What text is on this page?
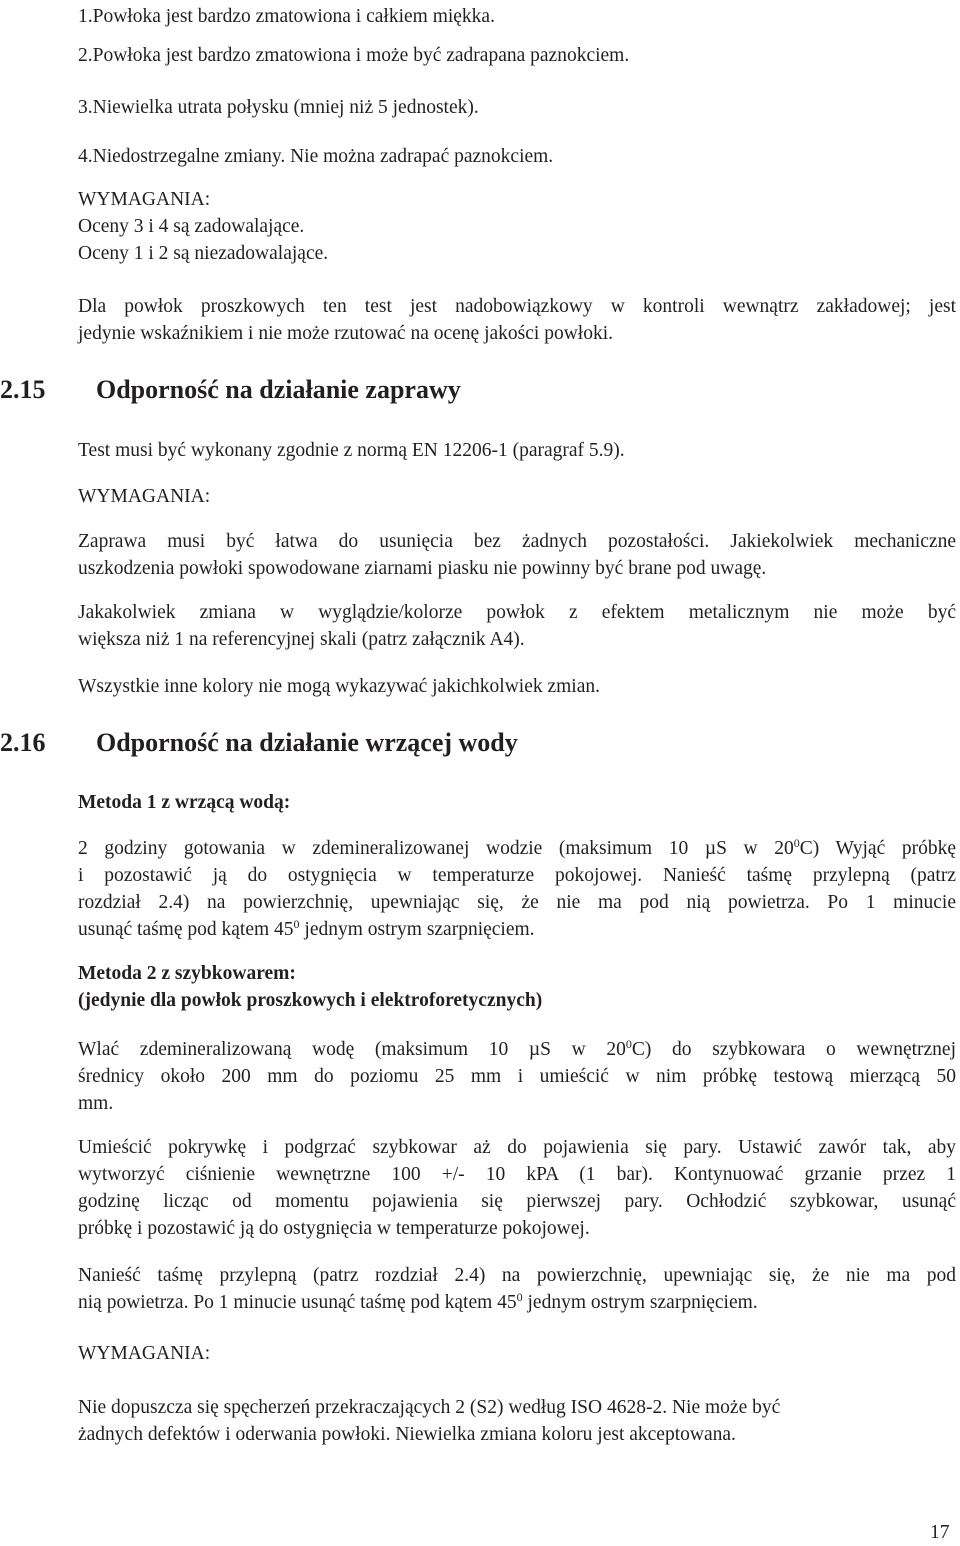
1.Powłoka jest bardzo zmatowiona i całkiem miękka.

2.Powłoka jest bardzo zmatowiona i może być zadrapana paznokciem.

3.Niewielka utrata połysku (mniej niż 5 jednostek).

4.Niedostrzegalne zmiany. Nie można zadrapać paznokciem.

WYMAGANIA:

Oceny 3 i 4 są zadowalające.

Oceny 1 i 2 są niezadowalające.

Dla powłok proszkowych ten test jest nadobowiązkowy w kontroli wewnątrz zakładowej; jest

jedynie wskaźnikiem i nie może rzutować na ocenę jakości powłoki.

2.15 Odporność na działanie zaprawy

Test musi być wykonany zgodnie z normą EN 12206-1 (paragraf 5.9).

WYMAGANIA:

Zaprawa musi być łatwa do usunięcia bez żadnych pozostałości. Jakiekolwiek mechaniczne

uszkodzenia powłoki spowodowane ziarnami piasku nie powinny być brane pod uwagę.

Jakakolwiek zmiana w wyglądzie/kolorze powłok z efektem metalicznym nie może być

większa niż 1 na referencyjnej skali (patrz załącznik A4).

Wszystkie inne kolory nie mogą wykazywać jakichkolwiek zmian.

2.16 Odporność na działanie wrzącej wody

Metoda 1 z wrzącą wodą:

2 godziny gotowania w zdemineralizowanej wodzie (maksimum 10 µS w $20^0C$) Wyjąć próbkę

i pozostawić ją do ostygnięcia w temperaturze pokojowej. Nanieść taśmę przylepną (patrz

rozdział 2.4) na powierzchnię, upewniając się, że nie ma pod nią powietrza. Po 1 minucie

usunąć taśmę pod kątem $45^0$ jednym ostrym szarpnięciem.

Metoda 2 z szybkowarem:

(jedynie dla powłok proszkowych i elektroforetycznych)

Wlać zdemineralizowaną wodę (maksimum 10 µS w $20^0C$) do szybkowara o wewnętrznej

średnicy około 200 mm do poziomu 25 mm i umieścić w nim próbkę testową mierzącą 50

mm.

Umieścić pokrywkę i podgrzać szybkowar aż do pojawienia się pary. Ustawić zawór tak, aby

wytworzyć ciśnienie wewnętrzne 100 +/- 10 kPA (1 bar). Kontynuować grzanie przez 1

godzinę licząc od momentu pojawienia się pierwszej pary. Ochłodzić szybkowar, usunąć

próbkę i pozostawić ją do ostygnięcia w temperaturze pokojowej.

Nanieść taśmę przylepną (patrz rozdział 2.4) na powierzchnię, upewniając się, że nie ma pod

nią powietrza. Po 1 minucie usunąć taśmę pod kątem $45^0$ jednym ostrym szarpnięciem.

WYMAGANIA:

Nie dopuszcza się spęcherzeń przekraczających 2 (S2) według ISO 4628-2. Nie może być

żadnych defektów i oderwania powłoki. Niewielka zmiana koloru jest akceptowana.

17
